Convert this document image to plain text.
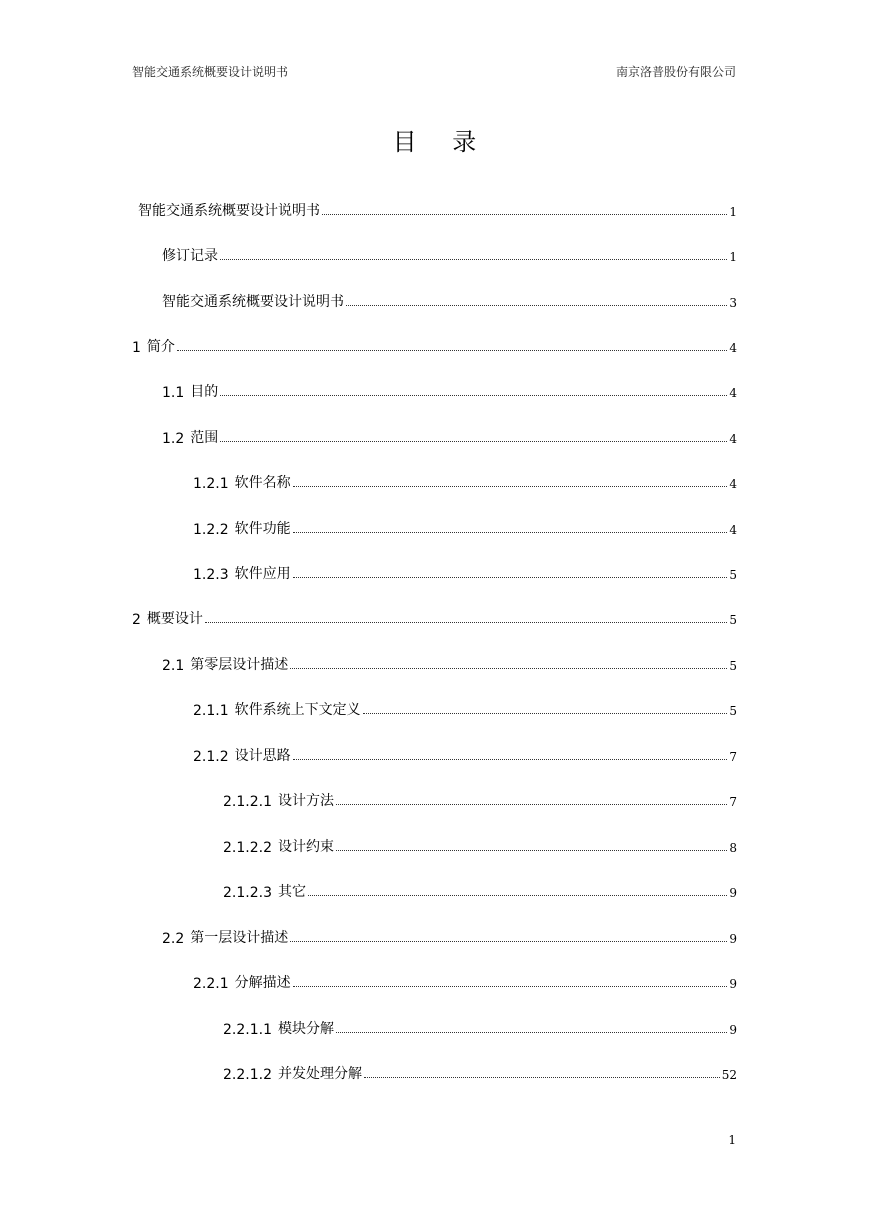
智能交通系统概要设计说明书	南京洛普股份有限公司
目 录
智能交通系统概要设计说明书	1
修订记录	1
智能交通系统概要设计说明书	3
1 简介	4
1.1 目的	4
1.2 范围	4
1.2.1 软件名称	4
1.2.2 软件功能	4
1.2.3 软件应用	5
2 概要设计	5
2.1 第零层设计描述	5
2.1.1 软件系统上下文定义	5
2.1.2 设计思路	7
2.1.2.1 设计方法	7
2.1.2.2 设计约束	8
2.1.2.3 其它	9
2.2 第一层设计描述	9
2.2.1 分解描述	9
2.2.1.1 模块分解	9
2.2.1.2 并发处理分解	52
1
